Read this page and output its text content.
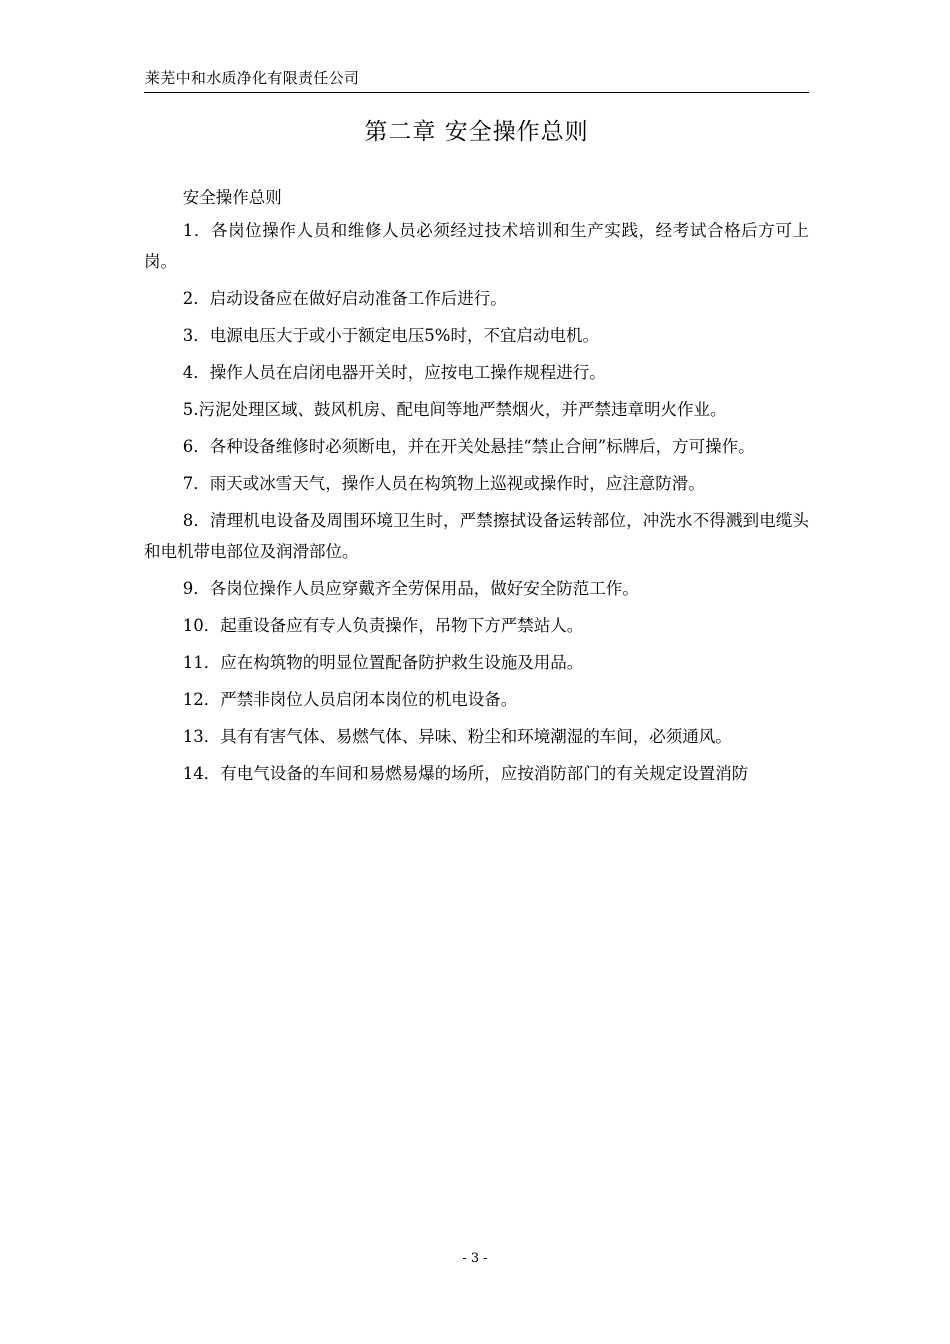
莱芜中和水质净化有限责任公司
第二章 安全操作总则

安全操作总则

1．各岗位操作人员和维修人员必须经过技术培训和生产实践，经考试合格后方可上岗。

2．启动设备应在做好启动准备工作后进行。

3．电源电压大于或小于额定电压5%时，不宜启动电机。

4．操作人员在启闭电器开关时，应按电工操作规程进行。

5.污泥处理区域、鼓风机房、配电间等地严禁烟火，并严禁违章明火作业。

6．各种设备维修时必须断电，并在开关处悬挂“禁止合闸”标牌后，方可操作。

7．雨天或冰雪天气，操作人员在构筑物上巡视或操作时，应注意防滑。

8．清理机电设备及周围环境卫生时，严禁擦拭设备运转部位，冲洗水不得溅到电缆头和电机带电部位及润滑部位。

9．各岗位操作人员应穿戴齐全劳保用品，做好安全防范工作。

10．起重设备应有专人负责操作，吊物下方严禁站人。

11．应在构筑物的明显位置配备防护救生设施及用品。

12．严禁非岗位人员启闭本岗位的机电设备。

13．具有有害气体、易燃气体、异味、粉尘和环境潮湿的车间，必须通风。

14．有电气设备的车间和易燃易爆的场所，应按消防部门的有关规定设置消防

- 3 -
